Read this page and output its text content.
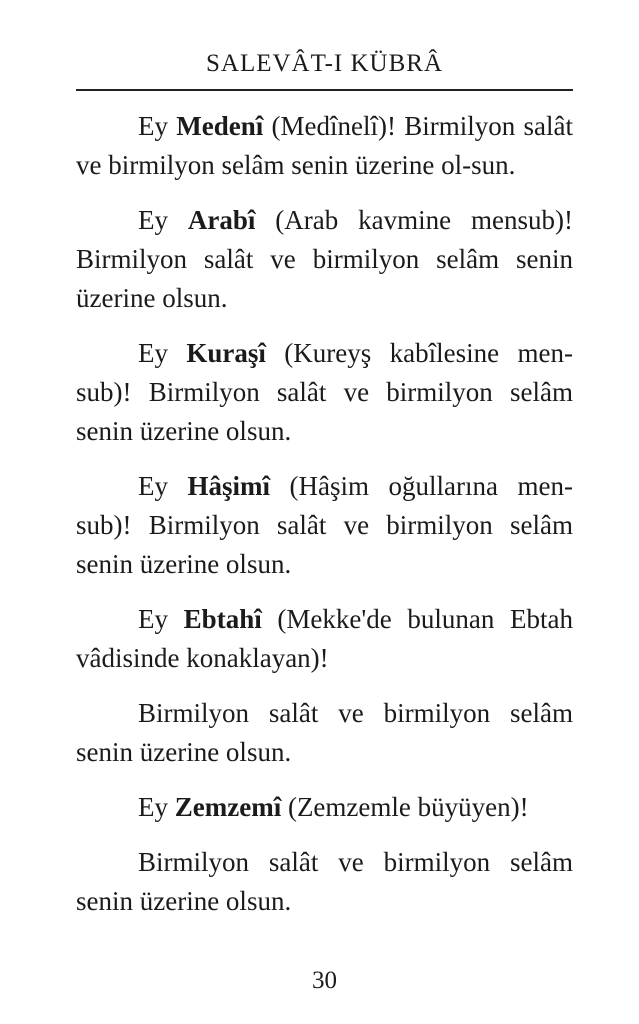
SALEVÂT-I KÜBRÂ

Ey Medenî (Medînelî)! Birmilyon salât ve birmilyon selâm senin üzerine ol-sun.

Ey Arabî (Arab kavmine mensub)! Birmilyon salât ve birmilyon selâm senin üzerine olsun.

Ey Kuraşî (Kureyş kabîlesine men-sub)! Birmilyon salât ve birmilyon selâm senin üzerine olsun.

Ey Hâşimî (Hâşim oğullarına men-sub)! Birmilyon salât ve birmilyon selâm senin üzerine olsun.

Ey Ebtahî (Mekke'de bulunan Ebtah vâdisinde konaklayan)!

Birmilyon salât ve birmilyon selâm senin üzerine olsun.

Ey Zemzemî (Zemzemle büyüyen)!

Birmilyon salât ve birmilyon selâm senin üzerine olsun.

30
